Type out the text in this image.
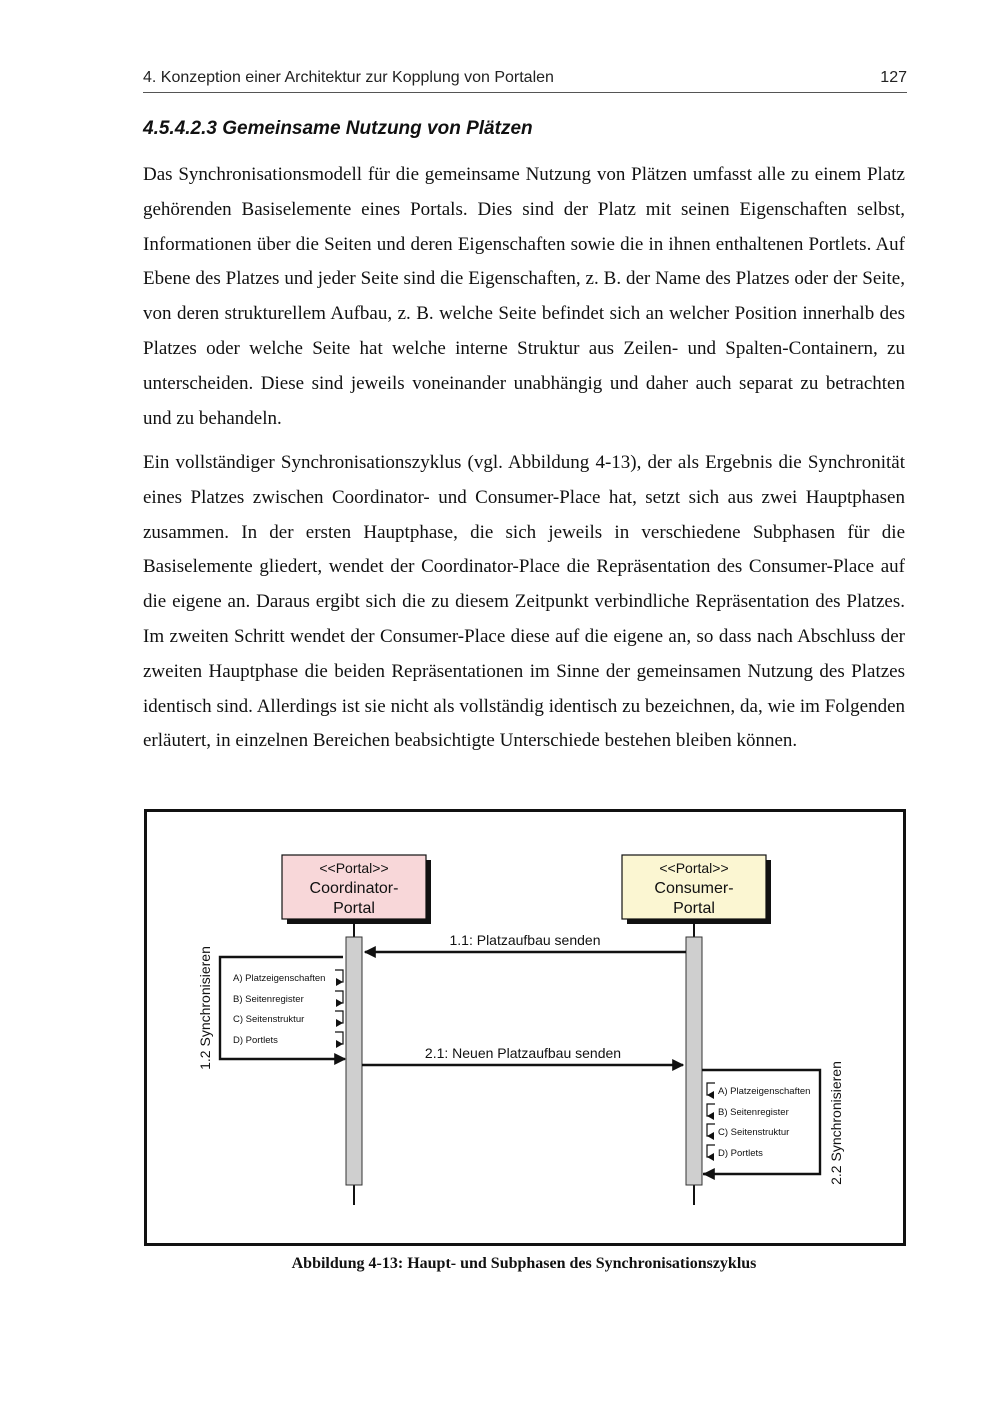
4. Konzeption einer Architektur zur Kopplung von Portalen	127
4.5.4.2.3 Gemeinsame Nutzung von Plätzen

Das Synchronisationsmodell für die gemeinsame Nutzung von Plätzen umfasst alle zu einem Platz gehörenden Basiselemente eines Portals. Dies sind der Platz mit seinen Eigenschaften selbst, Informationen über die Seiten und deren Eigenschaften sowie die in ihnen enthaltenen Portlets. Auf Ebene des Platzes und jeder Seite sind die Eigenschaften, z. B. der Name des Platzes oder der Seite, von deren strukturellem Aufbau, z. B. welche Seite befindet sich an welcher Position innerhalb des Platzes oder welche Seite hat welche interne Struktur aus Zeilen- und Spalten-Containern, zu unterscheiden. Diese sind jeweils voneinander unabhängig und daher auch separat zu betrachten und zu behandeln.

Ein vollständiger Synchronisationszyklus (vgl. Abbildung 4-13), der als Ergebnis die Synchronität eines Platzes zwischen Coordinator- und Consumer-Place hat, setzt sich aus zwei Hauptphasen zusammen. In der ersten Hauptphase, die sich jeweils in verschiedene Subphasen für die Basiselemente gliedert, wendet der Coordinator-Place die Repräsentation des Consumer-Place auf die eigene an. Daraus ergibt sich die zu diesem Zeitpunkt verbindliche Repräsentation des Platzes. Im zweiten Schritt wendet der Consumer-Place diese auf die eigene an, so dass nach Abschluss der zweiten Hauptphase die beiden Repräsentationen im Sinne der gemeinsamen Nutzung des Platzes identisch sind. Allerdings ist sie nicht als vollständig identisch zu bezeichnen, da, wie im Folgenden erläutert, in einzelnen Bereichen beabsichtigte Unterschiede bestehen bleiben können.

<<Portal>>
Coordinator-
Portal
<<Portal>>
Consumer-
Portal
1.1: Platzaufbau senden
2.1: Neuen Platzaufbau senden
1.2 Synchronisieren A) Platzeigenschaften
B) Seitenregister
C) Seitenstruktur
D) Portlets
2.2 Synchronisieren
A) Platzeigenschaften
B) Seitenregister
C) Seitenstruktur
D) Portlets
Abbildung 4-13: Haupt- und Subphasen des Synchronisationszyklus
